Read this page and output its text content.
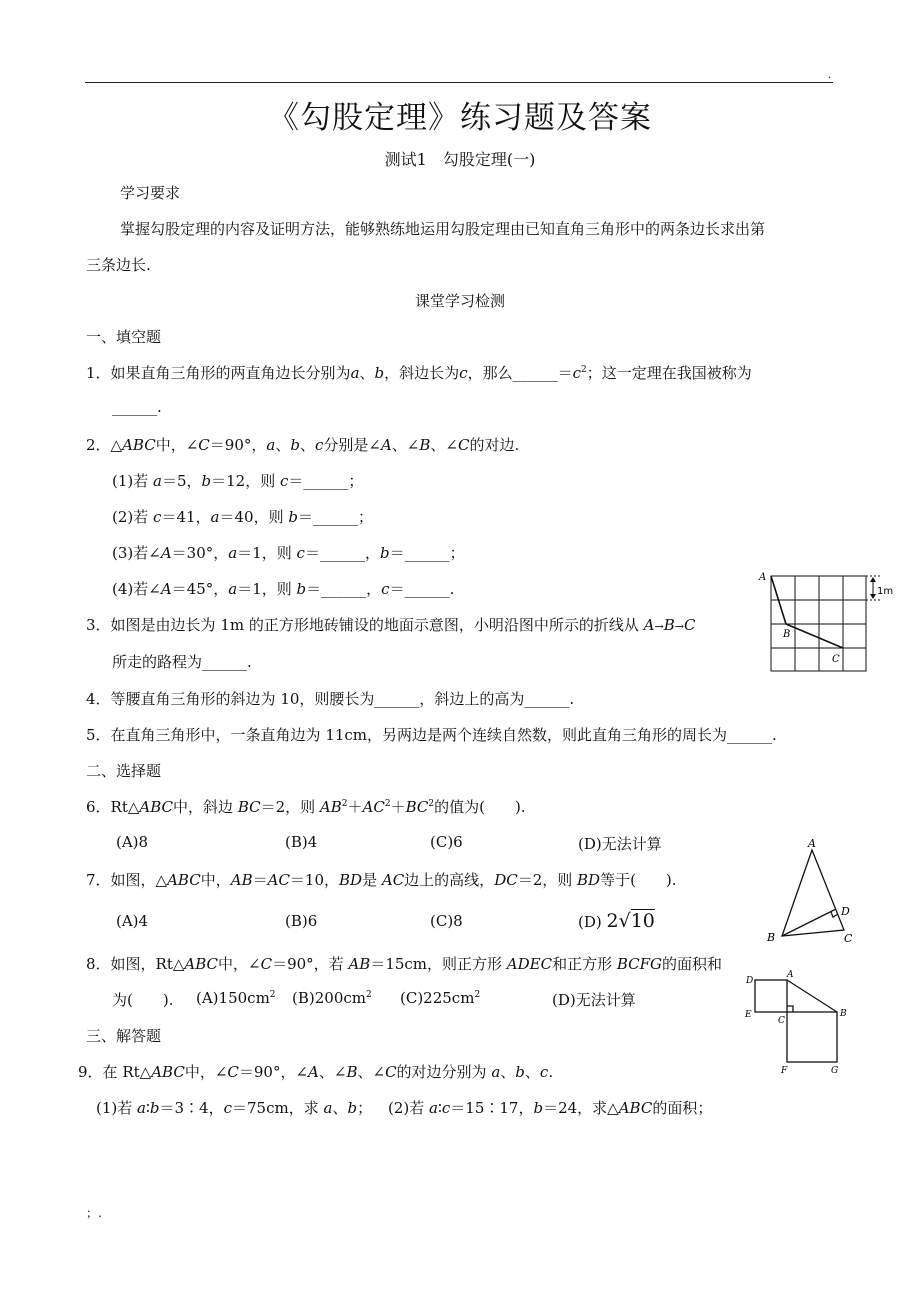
.
《勾股定理》练习题及答案
测试1　勾股定理(一)
学习要求
掌握勾股定理的内容及证明方法，能够熟练地运用勾股定理由已知直角三角形中的两条边长求出第
三条边长.
课堂学习检测
一、填空题
1．如果直角三角形的两直角边长分别为a、b，斜边长为c，那么$\_\_\_\_\_\_=c^2$；这一定理在我国被称为
______.
2．△ABC中，∠C＝90°，a、b、c分别是∠A、∠B、∠C的对边.
(1)若 a＝5，b＝12，则 c＝______；
(2)若 c＝41，a＝40，则 b＝______；
(3)若∠A＝30°，a＝1，则 c＝______，b＝______；
(4)若∠A＝45°，a＝1，则 b＝______，c＝______.
3．如图是由边长为 1m 的正方形地砖铺设的地面示意图，小明沿图中所示的折线从 A→B→C
所走的路程为______.
4．等腰直角三角形的斜边为 10，则腰长为______，斜边上的高为______.
5．在直角三角形中，一条直角边为 11cm，另两边是两个连续自然数，则此直角三角形的周长为______.
二、选择题
6．Rt△ABC中，斜边 BC＝2，则 $AB^2+AC^2+BC^2$的值为(　　).
(A)8	(B)4	(C)6	(D)无法计算
7．如图，△ABC中，AB＝AC＝10，BD是 AC边上的高线，DC＝2，则 BD等于(　　).
(A)4	(B)6	(C)8	(D) 2√10
8．如图，Rt△ABC中，∠C＝90°，若 AB＝15cm，则正方形 ADEC和正方形 BCFG的面积和
为(　　). $(A)150cm^2$ $(B)200cm^2$ $(C)225cm^2$	(D)无法计算
三、解答题
9．在 Rt△ABC中，∠C＝90°，∠A、∠B、∠C的对边分别为 a、b、c.
(1)若 a∶b＝3∶4，c＝75cm，求 a、b； (2)若 a∶c＝15∶17，b＝24，求△ABC的面积；
；.
A
B
C
1m
A
B	C
D
A
B
C
D
E
F	G
